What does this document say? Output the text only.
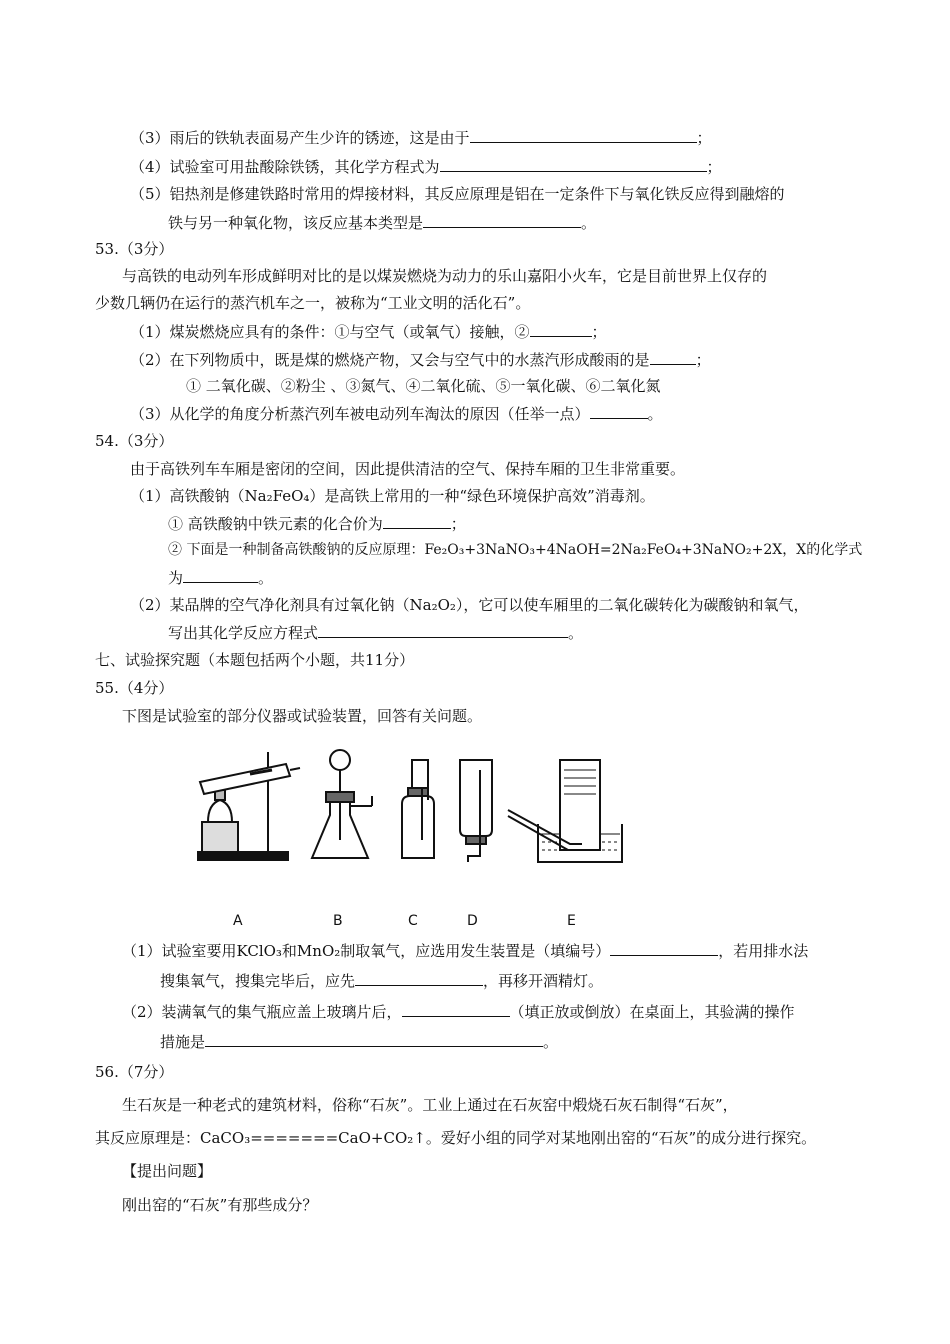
（3）雨后的铁轨表面易产生少许的锈迹，这是由于	；
（4）试验室可用盐酸除铁锈，其化学方程式为	；
（5）铝热剂是修建铁路时常用的焊接材料，其反应原理是铝在一定条件下与氧化铁反应得到融熔的
铁与另一种氧化物，该反应基本类型是	。
53.（3分）
与高铁的电动列车形成鲜明对比的是以煤炭燃烧为动力的乐山嘉阳小火车，它是目前世界上仅存的
少数几辆仍在运行的蒸汽机车之一，被称为“工业文明的活化石”。
（1）煤炭燃烧应具有的条件：①与空气（或氧气）接触，②	；
（2）在下列物质中，既是煤的燃烧产物，又会与空气中的水蒸汽形成酸雨的是	；
① 二氧化碳、②粉尘 、③氮气、④二氧化硫、⑤一氧化碳、⑥二氧化氮
（3）从化学的角度分析蒸汽列车被电动列车淘汰的原因（任举一点）	。
54.（3分）
由于高铁列车车厢是密闭的空间，因此提供清洁的空气、保持车厢的卫生非常重要。
（1）高铁酸钠（Na₂FeO₄）是高铁上常用的一种“绿色环境保护高效”消毒剂。
① 高铁酸钠中铁元素的化合价为	；
② 下面是一种制备高铁酸钠的反应原理：Fe₂O₃+3NaNO₃+4NaOH=2Na₂FeO₄+3NaNO₂+2X，X的化学式
为	。
（2）某品牌的空气净化剂具有过氧化钠（Na₂O₂），它可以使车厢里的二氧化碳转化为碳酸钠和氧气，
写出其化学反应方程式	。
七、试验探究题（本题包括两个小题，共11分）
55.（4分）
下图是试验室的部分仪器或试验装置，回答有关问题。
A	B	C	D	E
（1）试验室要用KClO₃和MnO₂制取氧气，应选用发生装置是（填编号）	，若用排水法
搜集氧气，搜集完毕后，应先	，再移开酒精灯。
（2）装满氧气的集气瓶应盖上玻璃片后，	（填正放或倒放）在桌面上，其验满的操作
措施是	。
56.（7分）
生石灰是一种老式的建筑材料，俗称“石灰”。工业上通过在石灰窑中煅烧石灰石制得“石灰”，
其反应原理是：CaCO₃=======CaO+CO₂↑。爱好小组的同学对某地刚出窑的“石灰”的成分进行探究。
【提出问题】
刚出窑的“石灰”有那些成分？
